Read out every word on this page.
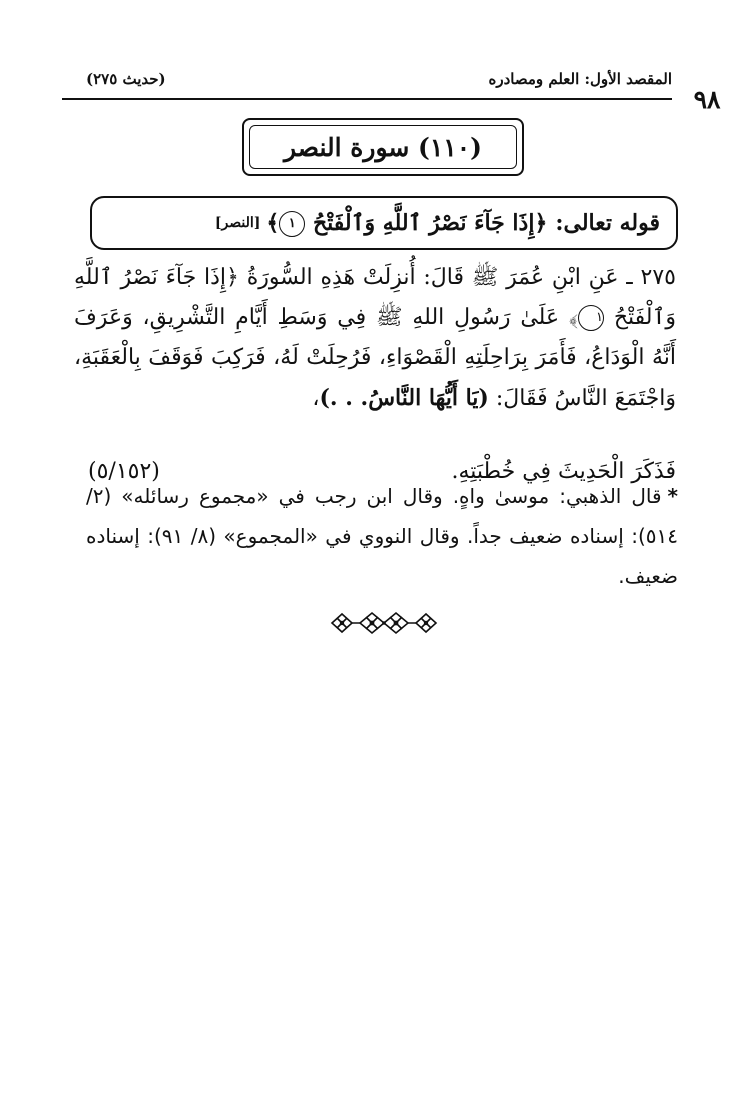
٩٨
(حديث ٢٧٥)	المقصد الأول: العلم ومصادره
(١١٠) سورة النصر
قوله تعالى:
﴿إِذَا جَآءَ نَصْرُ ٱللَّهِ وَٱلْفَتْحُ ١﴾
[النصر]
٢٧٥ ـ عَنِ ابْنِ عُمَرَ ﷺ قَالَ: أُنزِلَتْ هَذِهِ السُّورَةُ ﴿إِذَا جَآءَ نَصْرُ ٱللَّهِ وَٱلْفَتْحُ ١﴾ عَلَىٰ رَسُولِ اللهِ ﷺ فِي وَسَطِ أَيَّامِ التَّشْرِيقِ، وَعَرَفَ أَنَّهُ الْوَدَاعُ، فَأَمَرَ بِرَاحِلَتِهِ الْقَصْوَاءِ، فَرُحِلَتْ لَهُ، فَرَكِبَ فَوَقَفَ بِالْعَقَبَةِ، وَاجْتَمَعَ النَّاسُ فَقَالَ: (يَا أَيُّهَا النَّاسُ. . .)،
فَذَكَرَ الْحَدِيثَ فِي خُطْبَتِهِ.
(٥/١٥٢)
*قال الذهبي: موسىٰ واهٍ. وقال ابن رجب في «مجموع رسائله» (٢/ ٥١٤): إسناده ضعيف جداً. وقال النووي في «المجموع» (٨/ ٩١): إسناده ضعيف.
